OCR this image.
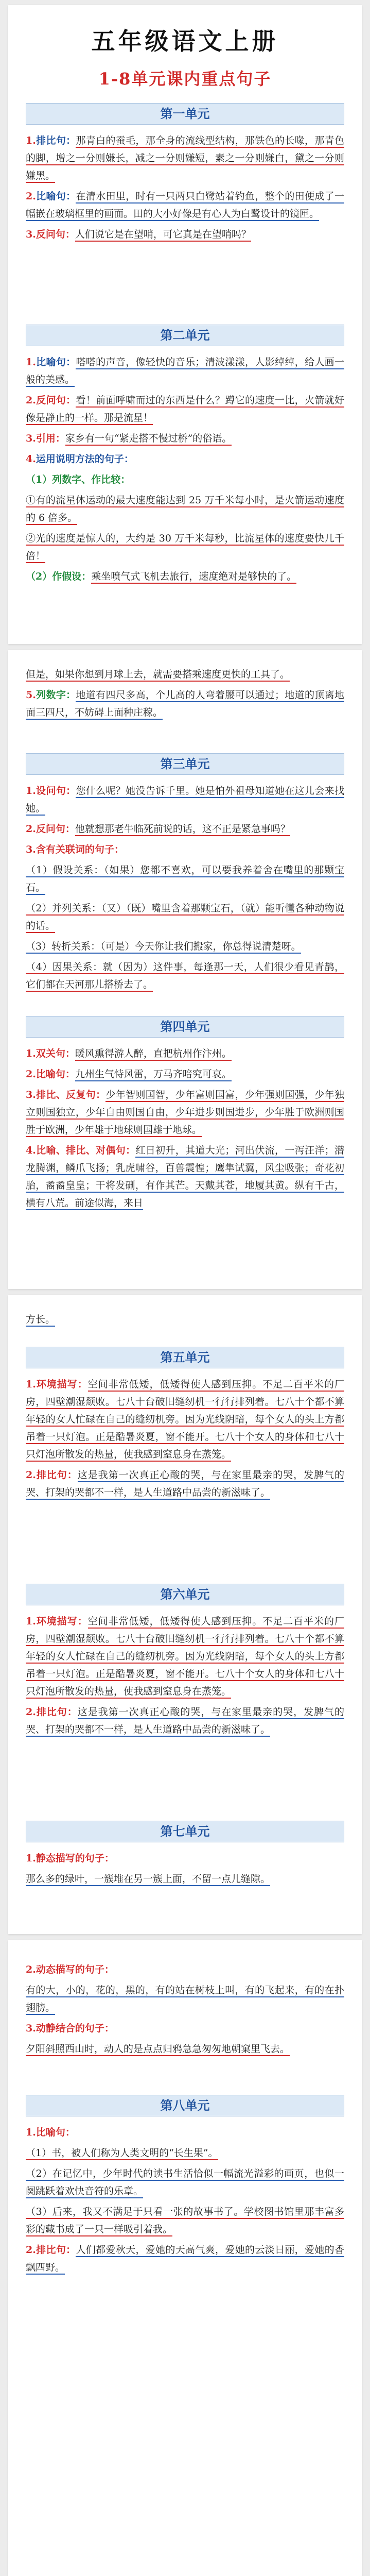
五年级语文上册
1-8单元课内重点句子
第一单元
1.排比句：那青白的蚕毛，那全身的流线型结构，那铁色的长喙，那青色的脚，增之一分则嫌长，减之一分则嫌短，素之一分则嫌白，黛之一分则嫌黑。
2.比喻句：在清水田里，时有一只两只白鹭站着钓鱼，整个的田便成了一幅嵌在玻璃框里的画面。田的大小好像是有心人为白鹭设计的镜匣。
3.反问句：人们说它是在望哨，可它真是在望哨吗？
第二单元
1.比喻句：嗒嗒的声音，像轻快的音乐；清波漾漾，人影绰绰，给人画一般的美感。
2.反问句：看！前面呼啸而过的东西是什么？蹲它的速度一比，火箭就好像是静止的一样。那是流星！
3.引用：家乡有一句“紧走搭不慢过桥”的俗语。
4.运用说明方法的句子：
（1）列数字、作比较：
①有的流星体运动的最大速度能达到 25 万千米每小时，是火箭运动速度的 6 倍多。
②光的速度是惊人的，大约是 30 万千米每秒，比流星体的速度要快几千倍！
（2）作假设：乘坐喷气式飞机去旅行，速度绝对是够快的了。
但是，如果你想到月球上去，就需要搭乘速度更快的工具了。
5.列数字：地道有四尺多高，个儿高的人弯着腰可以通过；地道的顶离地面三四尺，不妨碍上面种庄稼。
第三单元
1.设问句：您什么呢？她没告诉千里。她是怕外祖母知道她在这儿会来找她。
2.反问句：他就想那老牛临死前说的话，这不正是紧急事吗？
3.含有关联词的句子：
（1）假设关系：（如果）您都不喜欢，可以要我养着舍在嘴里的那颗宝石。
（2）并列关系：（又）（既）嘴里含着那颗宝石，（就）能听懂各种动物说的话。
（3）转折关系：（可是）今天你让我们搬家，你总得说清楚呀。
（4）因果关系：就（因为）这件事，每逢那一天，人们很少看见青鹊，它们都在天河那儿搭桥去了。
第四单元
1.双关句：暖风熏得游人醉，直把杭州作汴州。
2.比喻句：九州生气恃风雷，万马齐喑究可哀。
3.排比、反复句：少年智则国智，少年富则国富，少年强则国强，少年独立则国独立，少年自由则国自由，少年进步则国进步，少年胜于欧洲则国胜于欧洲，少年雄于地球则国雄于地球。
4.比喻、排比、对偶句：红日初升，其道大光；河出伏流，一泻汪洋；潜龙腾渊，鳞爪飞扬；乳虎啸谷，百兽震惶；鹰隼试翼，风尘吸张；奇花初胎，矞矞皇皇；干将发硎，有作其芒。天戴其苍，地履其黄。纵有千古，横有八荒。前途似海，来日
方长。
第五单元
1.环境描写：空间非常低矮，低矮得使人感到压抑。不足二百平米的厂房，四壁潮湿颓败。七八十台破旧缝纫机一行行排列着。七八十个都不算年轻的女人忙碌在自己的缝纫机旁。因为光线阴暗，每个女人的头上方都吊着一只灯泡。正是酷暑炎夏，窗不能开。七八十个女人的身体和七八十只灯泡所散发的热量，使我感到窒息身在蒸笼。
2.排比句：这是我第一次真正心酸的哭，与在家里最亲的哭，发脾气的哭、打架的哭都不一样，是人生道路中品尝的新滋味了。
第六单元
1.环境描写：空间非常低矮，低矮得使人感到压抑。不足二百平米的厂房，四壁潮湿颓败。七八十台破旧缝纫机一行行排列着。七八十个都不算年轻的女人忙碌在自己的缝纫机旁。因为光线阴暗，每个女人的头上方都吊着一只灯泡。正是酷暑炎夏，窗不能开。七八十个女人的身体和七八十只灯泡所散发的热量，使我感到窒息身在蒸笼。
2.排比句：这是我第一次真正心酸的哭，与在家里最亲的哭，发脾气的哭、打架的哭都不一样，是人生道路中品尝的新滋味了。
第七单元
1.静态描写的句子：
那么多的绿叶，一簇堆在另一簇上面，不留一点儿缝隙。
2.动态描写的句子：
有的大，小的，花的，黑的，有的站在树枝上叫，有的飞起来，有的在扑翅膀。
3.动静结合的句子：
夕阳斜照西山时，动人的是点点归鸦急急匆匆地朝窠里飞去。
第八单元
1.比喻句：
（1）书，被人们称为人类文明的“长生果”。
（2）在记忆中，少年时代的读书生活恰似一幅流光溢彩的画页，也似一阕跳跃着欢快音符的乐章。
（3）后来，我又不满足于只看一张的故事书了。学校图书馆里那丰富多彩的藏书成了一只一样吸引着我。
2.排比句：人们都爱秋天，爱她的天高气爽，爱她的云淡日丽，爱她的香飘四野。
